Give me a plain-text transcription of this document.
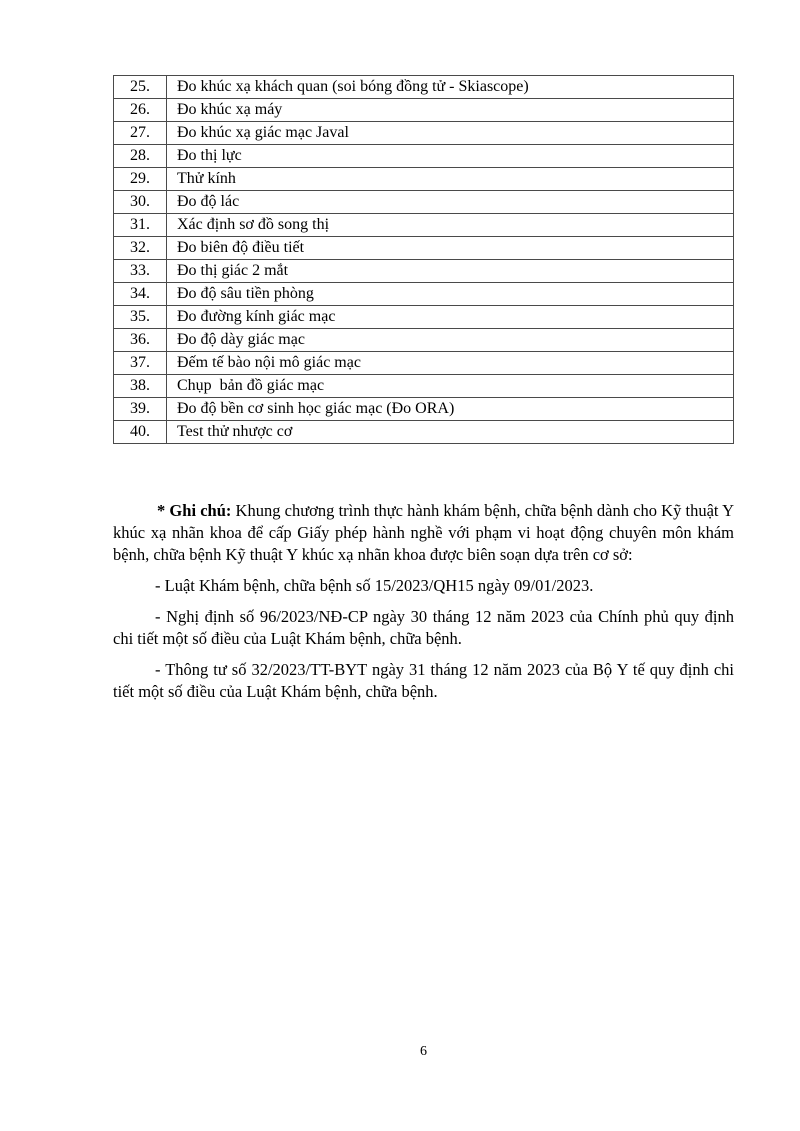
25.	Đo khúc xạ khách quan (soi bóng đồng tử - Skiascope)
26.	Đo khúc xạ máy
27.	Đo khúc xạ giác mạc Javal
28.	Đo thị lực
29.	Thử kính
30.	Đo độ lác
31.	Xác định sơ đồ song thị
32.	Đo biên độ điều tiết
33.	Đo thị giác 2 mắt
34.	Đo độ sâu tiền phòng
35.	Đo đường kính giác mạc
36.	Đo độ dày giác mạc
37.	Đếm tế bào nội mô giác mạc
38.	Chụp  bản đồ giác mạc
39.	Đo độ bền cơ sinh học giác mạc (Đo ORA)
40.	Test thử nhược cơ

* Ghi chú: Khung chương trình thực hành khám bệnh, chữa bệnh dành cho Kỹ thuật Y khúc xạ nhãn khoa để cấp Giấy phép hành nghề với phạm vi hoạt động chuyên môn khám bệnh, chữa bệnh Kỹ thuật Y khúc xạ nhãn khoa được biên soạn dựa trên cơ sở:

- Luật Khám bệnh, chữa bệnh số 15/2023/QH15 ngày 09/01/2023.

- Nghị định số 96/2023/NĐ-CP ngày 30 tháng 12 năm 2023 của Chính phủ quy định chi tiết một số điều của Luật Khám bệnh, chữa bệnh.

- Thông tư số 32/2023/TT-BYT ngày 31 tháng 12 năm 2023 của Bộ Y tế quy định chi tiết một số điều của Luật Khám bệnh, chữa bệnh.

6
